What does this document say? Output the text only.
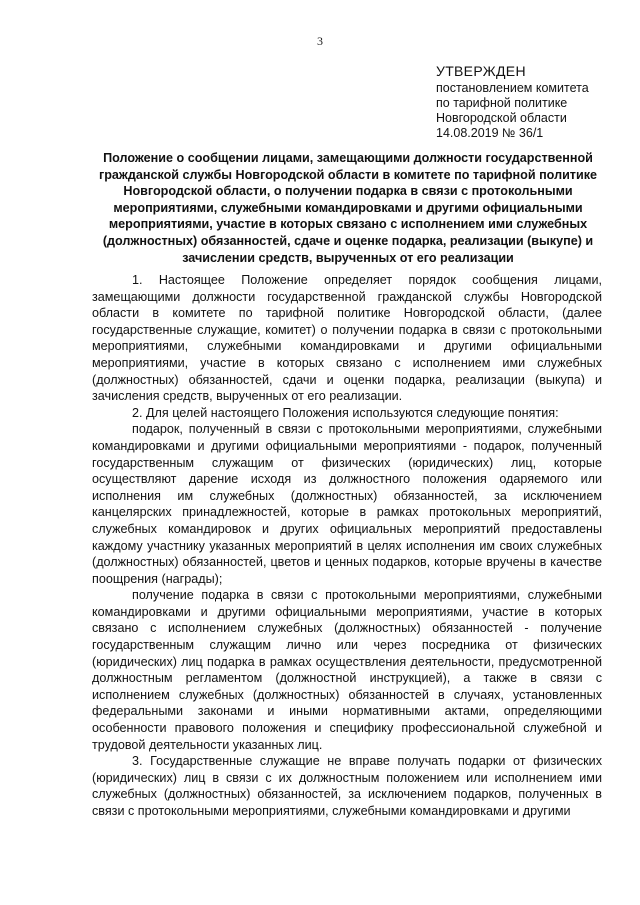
3
УТВЕРЖДЕН
постановлением комитета
по тарифной политике
Новгородской области
14.08.2019 № 36/1
Положение о сообщении лицами, замещающими должности государственной гражданской службы Новгородской области в комитете по тарифной политике Новгородской области, о получении подарка в связи с протокольными мероприятиями, служебными командировками и другими официальными мероприятиями, участие в которых связано с исполнением ими служебных (должностных) обязанностей, сдаче и оценке подарка, реализации (выкупе) и зачислении средств, вырученных от его реализации

1. Настоящее Положение определяет порядок сообщения лицами, замещающими должности государственной гражданской службы Новгородской области в комитете по тарифной политике Новгородской области, (далее государственные служащие, комитет) о получении подарка в связи с протокольными мероприятиями, служебными командировками и другими официальными мероприятиями, участие в которых связано с исполнением ими служебных (должностных) обязанностей, сдачи и оценки подарка, реализации (выкупа) и зачисления средств, вырученных от его реализации.

2. Для целей настоящего Положения используются следующие понятия:

подарок, полученный в связи с протокольными мероприятиями, служебными командировками и другими официальными мероприятиями - подарок, полученный государственным служащим от физических (юридических) лиц, которые осуществляют дарение исходя из должностного положения одаряемого или исполнения им служебных (должностных) обязанностей, за исключением канцелярских принадлежностей, которые в рамках протокольных мероприятий, служебных командировок и других официальных мероприятий предоставлены каждому участнику указанных мероприятий в целях исполнения им своих служебных (должностных) обязанностей, цветов и ценных подарков, которые вручены в качестве поощрения (награды);

получение подарка в связи с протокольными мероприятиями, служебными командировками и другими официальными мероприятиями, участие в которых связано с исполнением служебных (должностных) обязанностей - получение государственным служащим лично или через посредника от физических (юридических) лиц подарка в рамках осуществления деятельности, предусмотренной должностным регламентом (должностной инструкцией), а также в связи с исполнением служебных (должностных) обязанностей в случаях, установленных федеральными законами и иными нормативными актами, определяющими особенности правового положения и специфику профессиональной служебной и трудовой деятельности указанных лиц.

3. Государственные служащие не вправе получать подарки от физических (юридических) лиц в связи с их должностным положением или исполнением ими служебных (должностных) обязанностей, за исключением подарков, полученных в связи с протокольными мероприятиями, служебными командировками и другими
